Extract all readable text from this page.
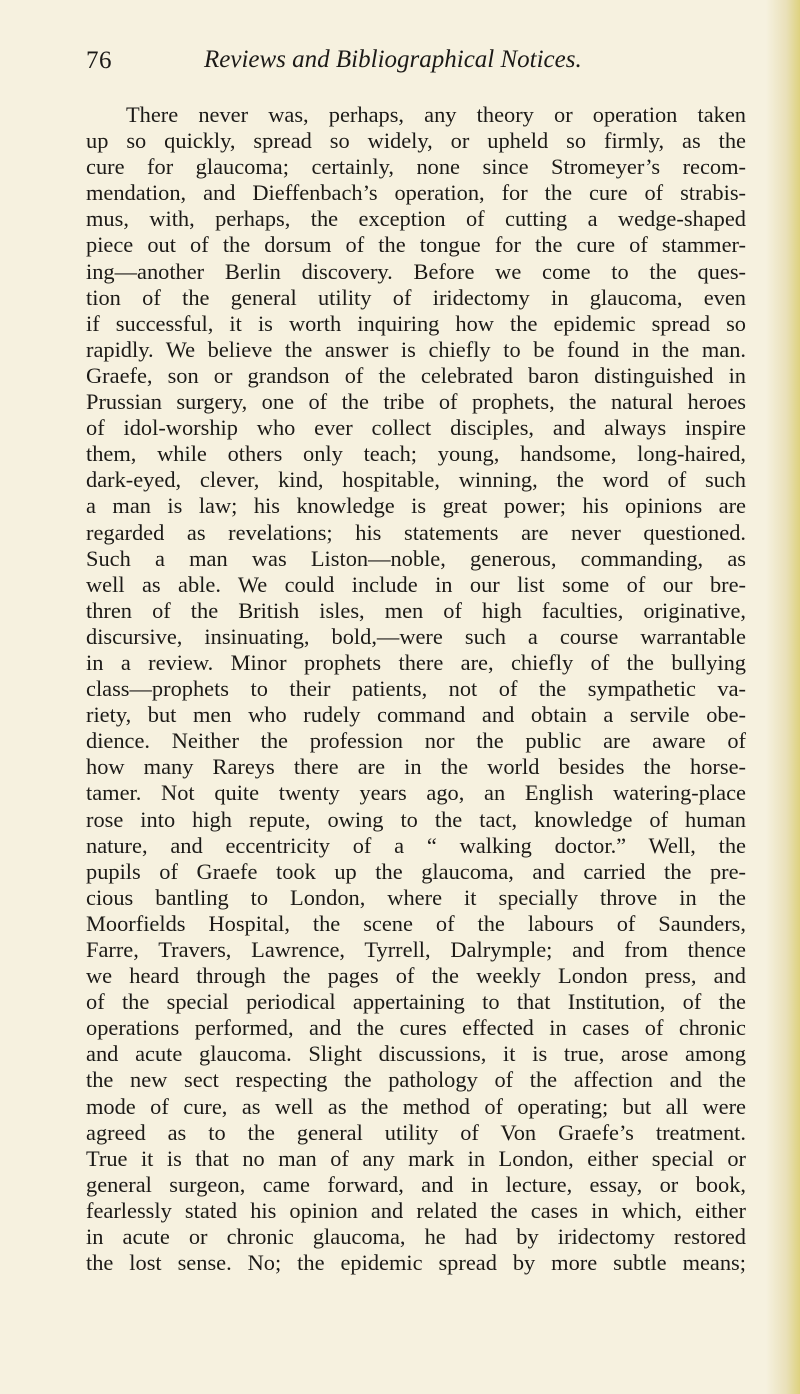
76	Reviews and Bibliographical Notices.
There never was, perhaps, any theory or operation taken
up so quickly, spread so widely, or upheld so firmly, as the
cure for glaucoma; certainly, none since Stromeyer’s recom-
mendation, and Dieffenbach’s operation, for the cure of strabis-
mus, with, perhaps, the exception of cutting a wedge-shaped
piece out of the dorsum of the tongue for the cure of stammer-
ing—another Berlin discovery. Before we come to the ques-
tion of the general utility of iridectomy in glaucoma, even
if successful, it is worth inquiring how the epidemic spread so
rapidly. We believe the answer is chiefly to be found in the man.
Graefe, son or grandson of the celebrated baron distinguished in
Prussian surgery, one of the tribe of prophets, the natural heroes
of idol-worship who ever collect disciples, and always inspire
them, while others only teach; young, handsome, long-haired,
dark-eyed, clever, kind, hospitable, winning, the word of such
a man is law; his knowledge is great power; his opinions are
regarded as revelations; his statements are never questioned.
Such a man was Liston—noble, generous, commanding, as
well as able. We could include in our list some of our bre-
thren of the British isles, men of high faculties, originative,
discursive, insinuating, bold,—were such a course warrantable
in a review. Minor prophets there are, chiefly of the bullying
class—prophets to their patients, not of the sympathetic va-
riety, but men who rudely command and obtain a servile obe-
dience. Neither the profession nor the public are aware of
how many Rareys there are in the world besides the horse-
tamer. Not quite twenty years ago, an English watering-place
rose into high repute, owing to the tact, knowledge of human
nature, and eccentricity of a “ walking doctor.” Well, the
pupils of Graefe took up the glaucoma, and carried the pre-
cious bantling to London, where it specially throve in the
Moorfields Hospital, the scene of the labours of Saunders,
Farre, Travers, Lawrence, Tyrrell, Dalrymple; and from thence
we heard through the pages of the weekly London press, and
of the special periodical appertaining to that Institution, of the
operations performed, and the cures effected in cases of chronic
and acute glaucoma. Slight discussions, it is true, arose among
the new sect respecting the pathology of the affection and the
mode of cure, as well as the method of operating; but all were
agreed as to the general utility of Von Graefe’s treatment.
True it is that no man of any mark in London, either special or
general surgeon, came forward, and in lecture, essay, or book,
fearlessly stated his opinion and related the cases in which, either
in acute or chronic glaucoma, he had by iridectomy restored
the lost sense. No; the epidemic spread by more subtle means;
